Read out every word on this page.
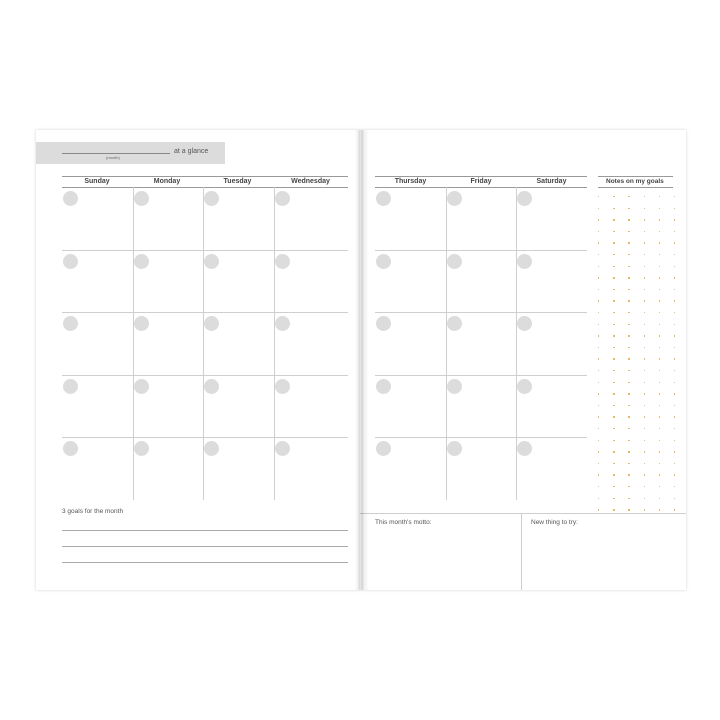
(month)
at a glance
Sunday	Monday	Tuesday	Wednesday
3 goals for the month
Thursday	Friday	Saturday	Notes on my goals
This month's motto:	New thing to try:
